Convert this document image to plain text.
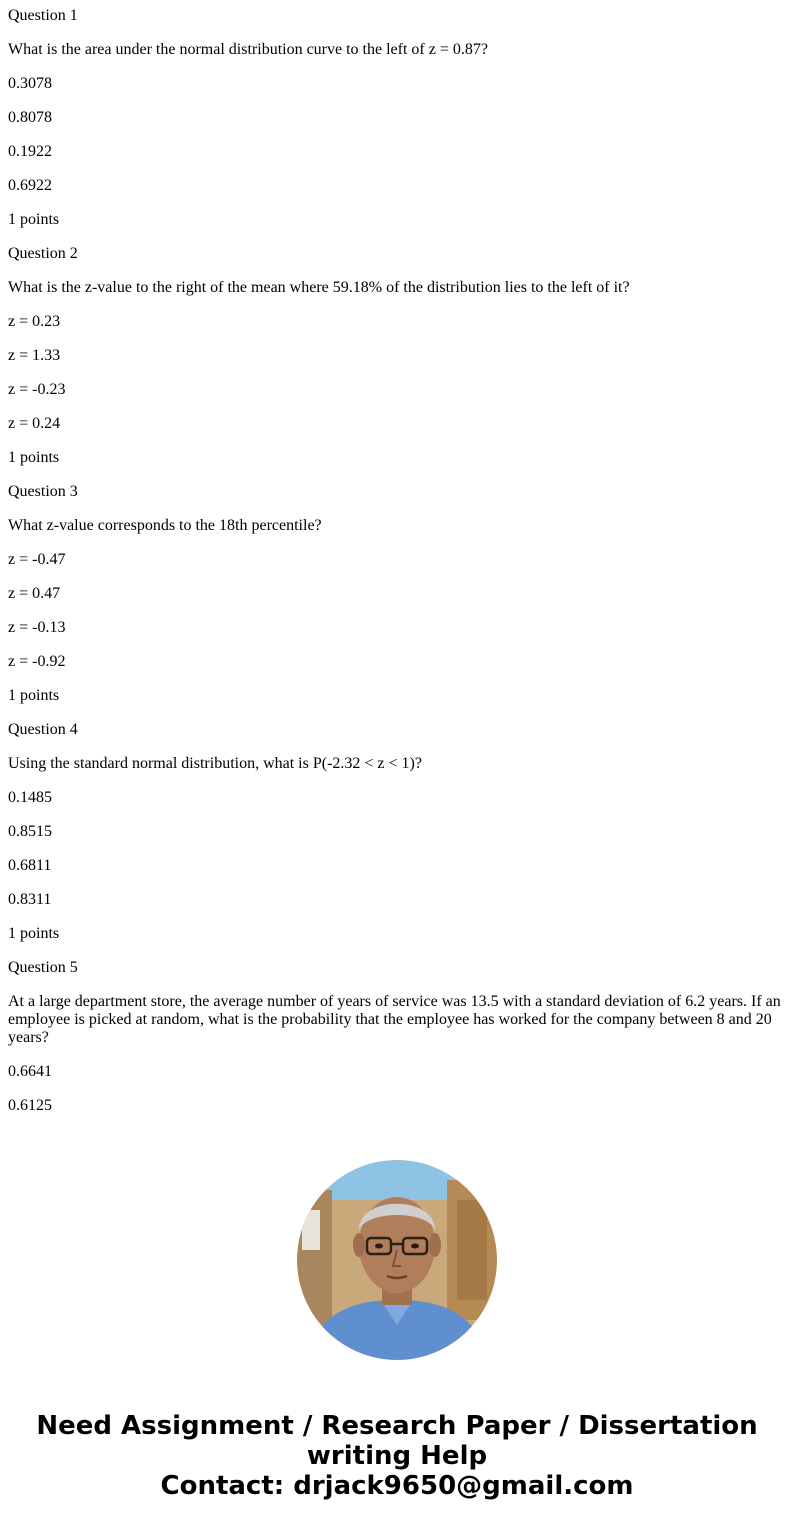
Question 1

What is the area under the normal distribution curve to the left of z = 0.87?

0.3078

0.8078

0.1922

0.6922

1 points

Question 2

What is the z-value to the right of the mean where 59.18% of the distribution lies to the left of it?

z = 0.23

z = 1.33

z = -0.23

z = 0.24

1 points

Question 3

What z-value corresponds to the 18th percentile?

z = -0.47

z = 0.47

z = -0.13

z = -0.92

1 points

Question 4

Using the standard normal distribution, what is P(-2.32 < z < 1)?

0.1485

0.8515

0.6811

0.8311

1 points

Question 5

At a large department store, the average number of years of service was 13.5 with a standard deviation of 6.2 years. If an employee is picked at random, what is the probability that the employee has worked for the company between 8 and 20 years?

0.6641

0.6125

Need Assignment / Research Paper / Dissertation
writing Help
Contact: drjack9650@gmail.com
